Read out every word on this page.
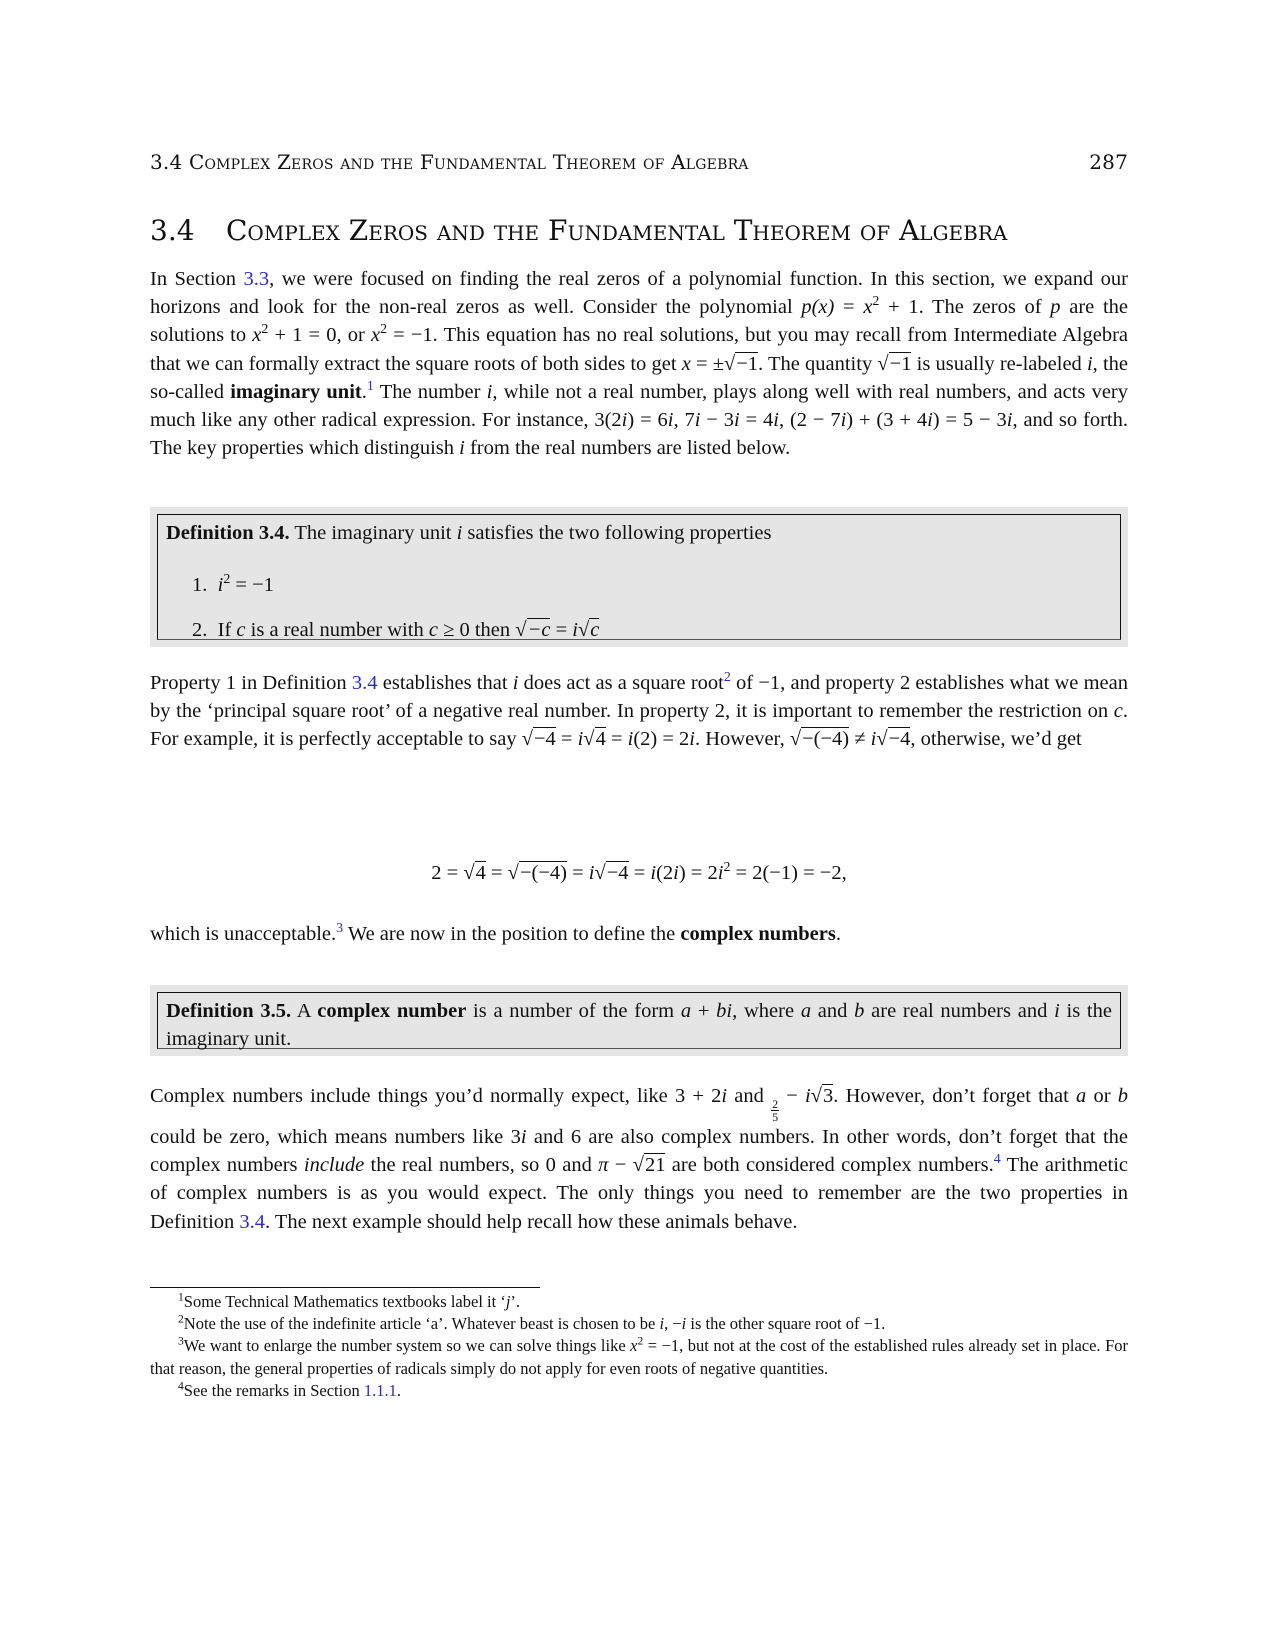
3.4 Complex Zeros and the Fundamental Theorem of Algebra	287
3.4 Complex Zeros and the Fundamental Theorem of Algebra

In Section 3.3, we were focused on finding the real zeros of a polynomial function. In this section, we expand our horizons and look for the non-real zeros as well. Consider the polynomial $p(x) = x^2 + 1$. The zeros of p are the solutions to $x^2 + 1 = 0$, or $x^2 = -1$. This equation has no real solutions, but you may recall from Intermediate Algebra that we can formally extract the square roots of both sides to get x = ± √ −1. The quantity √ −1 is usually re-labeled i, the so-called imaginary unit.$^1$ The number i, while not a real number, plays along well with real numbers, and acts very much like any other radical expression. For instance, 3(2i) = 6i, 7i − 3i = 4i, (2 − 7i) + (3 + 4i) = 5 − 3i, and so forth. The key properties which distinguish i from the real numbers are listed below.

Definition 3.4. The imaginary unit i satisfies the two following properties
1. $i^2 = -1$
2. If c is a real number with c ≥ 0 then √ −c = i √ c

Property 1 in Definition 3.4 establishes that i does act as a square root$^2$ of −1, and property 2 establishes what we mean by the ‘principal square root’ of a negative real number. In property 2, it is important to remember the restriction on c. For example, it is perfectly acceptable to say √ −4 = i √ 4 = i(2) = 2i. However, √ −(−4) ≠ i √ −4, otherwise, we’d get

2 = √ 4 = √ −(−4) = i √ $-4 = i(2i) = 2i^2 = 2(-1) = -2$,

which is unacceptable.$^3$ We are now in the position to define the complex numbers.

Definition 3.5. A complex number is a number of the form a + bi, where a and b are real numbers and i is the imaginary unit.

Complex numbers include things you’d normally expect, like 3 + 2i and
$\frac{2}{5}$
− i √ 3. However, don’t forget that a or b could be zero, which means numbers like 3i and 6 are also complex numbers. In other words, don’t forget that the complex numbers include the real numbers, so 0 and π − √ 21 are both considered complex numbers.$^4$ The arithmetic of complex numbers is as you would expect. The only things you need to remember are the two properties in Definition 3.4. The next example should help recall how these animals behave.

$^1$Some Technical Mathematics textbooks label it ‘j’.
$^2$Note the use of the indefinite article ‘a’. Whatever beast is chosen to be i, −i is the other square root of −1.
$^3$We want to enlarge the number system so we can solve things like $x^2 = -1$, but not at the cost of the established rules already set in place. For that reason, the general properties of radicals simply do not apply for even roots of negative quantities.
$^4$See the remarks in Section 1.1.1.
